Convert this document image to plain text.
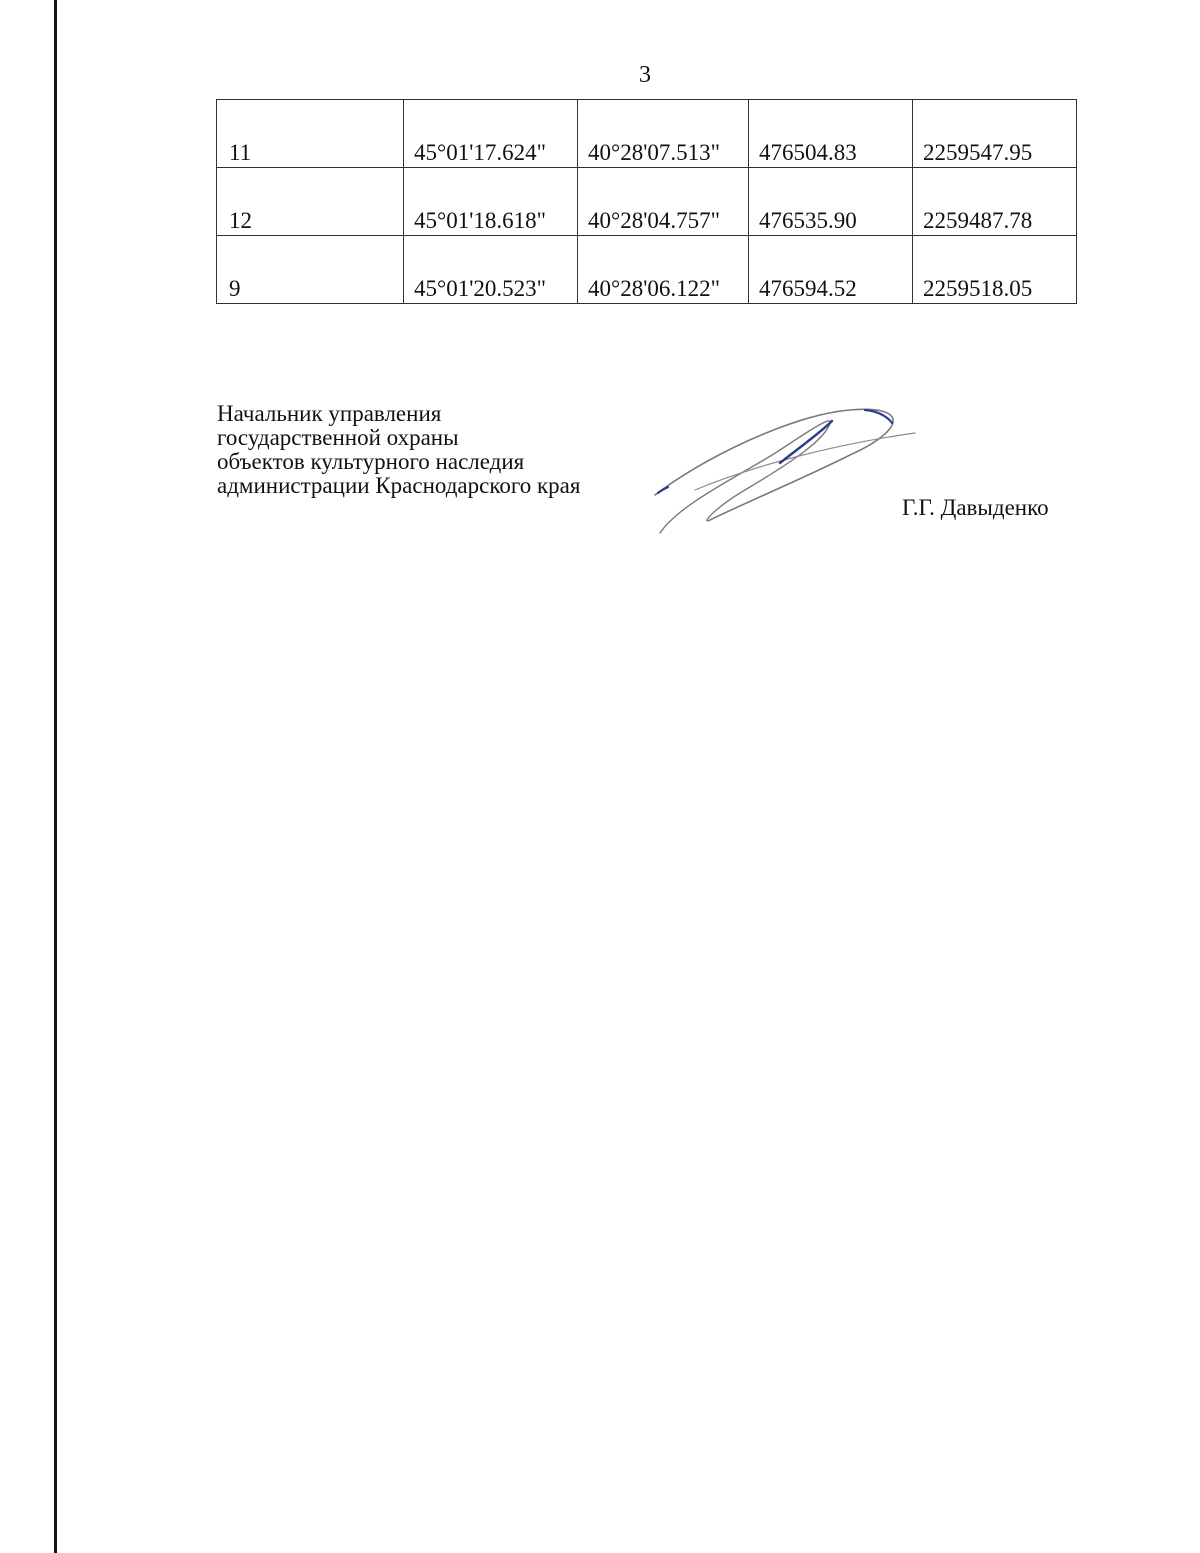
3
11	45°01'17.624"	40°28'07.513"	476504.83	2259547.95
12	45°01'18.618"	40°28'04.757"	476535.90	2259487.78
9	45°01'20.523"	40°28'06.122"	476594.52	2259518.05
Начальник управления
государственной охраны
объектов культурного наследия
администрации Краснодарского края
Г.Г. Давыденко
